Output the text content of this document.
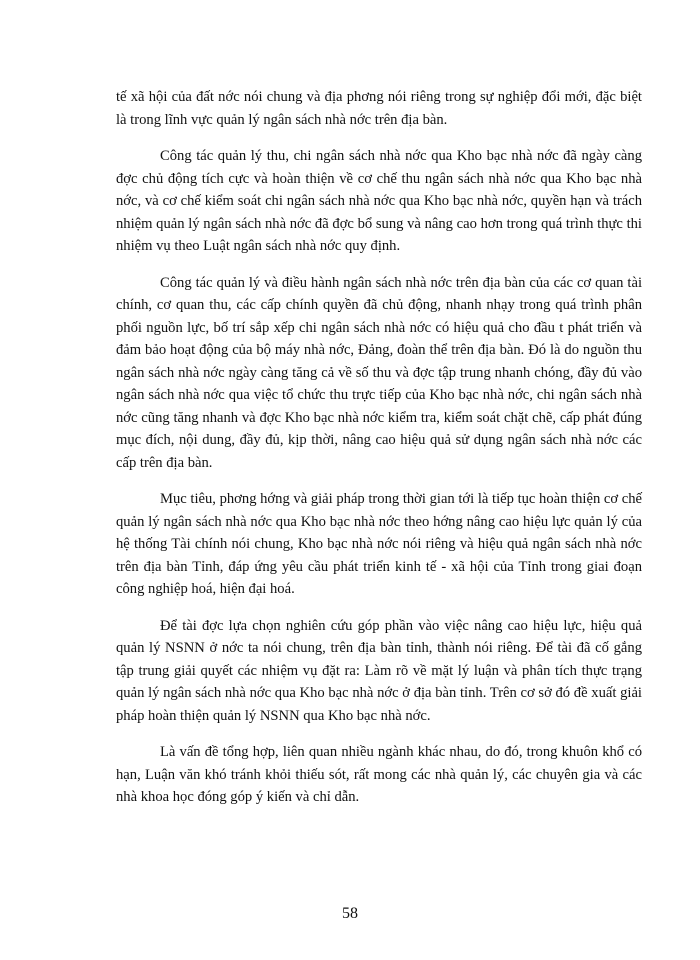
tế xã hội của đất nớc nói chung và địa phơng nói riêng trong sự nghiệp đổi mới, đặc biệt là trong lĩnh vực quản lý ngân sách nhà nớc trên địa bàn.

Công tác quản lý thu, chi ngân sách nhà nớc qua Kho bạc nhà nớc đã ngày càng đợc chủ động tích cực và hoàn thiện về cơ chế thu ngân sách nhà nớc qua Kho bạc nhà nớc, và cơ chế kiểm soát chi ngân sách nhà nớc qua Kho bạc nhà nớc, quyền hạn và trách nhiệm quản lý ngân sách nhà nớc đã đợc bổ sung và nâng cao hơn trong quá trình thực thi nhiệm vụ theo Luật ngân sách nhà nớc quy định.

Công tác quản lý và điều hành ngân sách nhà nớc trên địa bàn của các cơ quan tài chính, cơ quan thu, các cấp chính quyền đã chủ động, nhanh nhạy trong quá trình phân phối nguồn lực, bố trí sắp xếp chi ngân sách nhà nớc có hiệu quả cho đầu t phát triển và đảm bảo hoạt động của bộ máy nhà nớc, Đảng, đoàn thể trên địa bàn. Đó là do nguồn thu ngân sách nhà nớc ngày càng tăng cả về số thu và đợc tập trung nhanh chóng, đầy đủ vào ngân sách nhà nớc qua việc tổ chức thu trực tiếp của Kho bạc nhà nớc, chi ngân sách nhà nớc cũng tăng nhanh và đợc Kho bạc nhà nớc kiểm tra, kiểm soát chặt chẽ, cấp phát đúng mục đích, nội dung, đầy đủ, kịp thời, nâng cao hiệu quả sử dụng ngân sách nhà nớc các cấp trên địa bàn.

Mục tiêu, phơng hớng và giải pháp trong thời gian tới là tiếp tục hoàn thiện cơ chế quản lý ngân sách nhà nớc qua Kho bạc nhà nớc theo hớng nâng cao hiệu lực quản lý của hệ thống Tài chính nói chung, Kho bạc nhà nớc nói riêng và hiệu quả ngân sách nhà nớc trên địa bàn Tỉnh, đáp ứng yêu cầu phát triển kinh tế - xã hội của Tỉnh trong giai đoạn công nghiệp hoá, hiện đại hoá.

Để tài đợc lựa chọn nghiên cứu góp phần vào việc nâng cao hiệu lực, hiệu quả quản lý NSNN ở nớc ta nói chung, trên địa bàn tỉnh, thành nói riêng. Để tài đã cố gắng tập trung giải quyết các nhiệm vụ đặt ra: Làm rõ về mặt lý luận và phân tích thực trạng quản lý ngân sách nhà nớc qua Kho bạc nhà nớc ở địa bàn tỉnh. Trên cơ sở đó đề xuất giải pháp hoàn thiện quản lý NSNN qua Kho bạc nhà nớc.

Là vấn đề tổng hợp, liên quan nhiều ngành khác nhau, do đó, trong khuôn khổ có hạn, Luận văn khó tránh khỏi thiếu sót, rất mong các nhà quản lý, các chuyên gia và các nhà khoa học đóng góp ý kiến và chỉ dẫn.

58
